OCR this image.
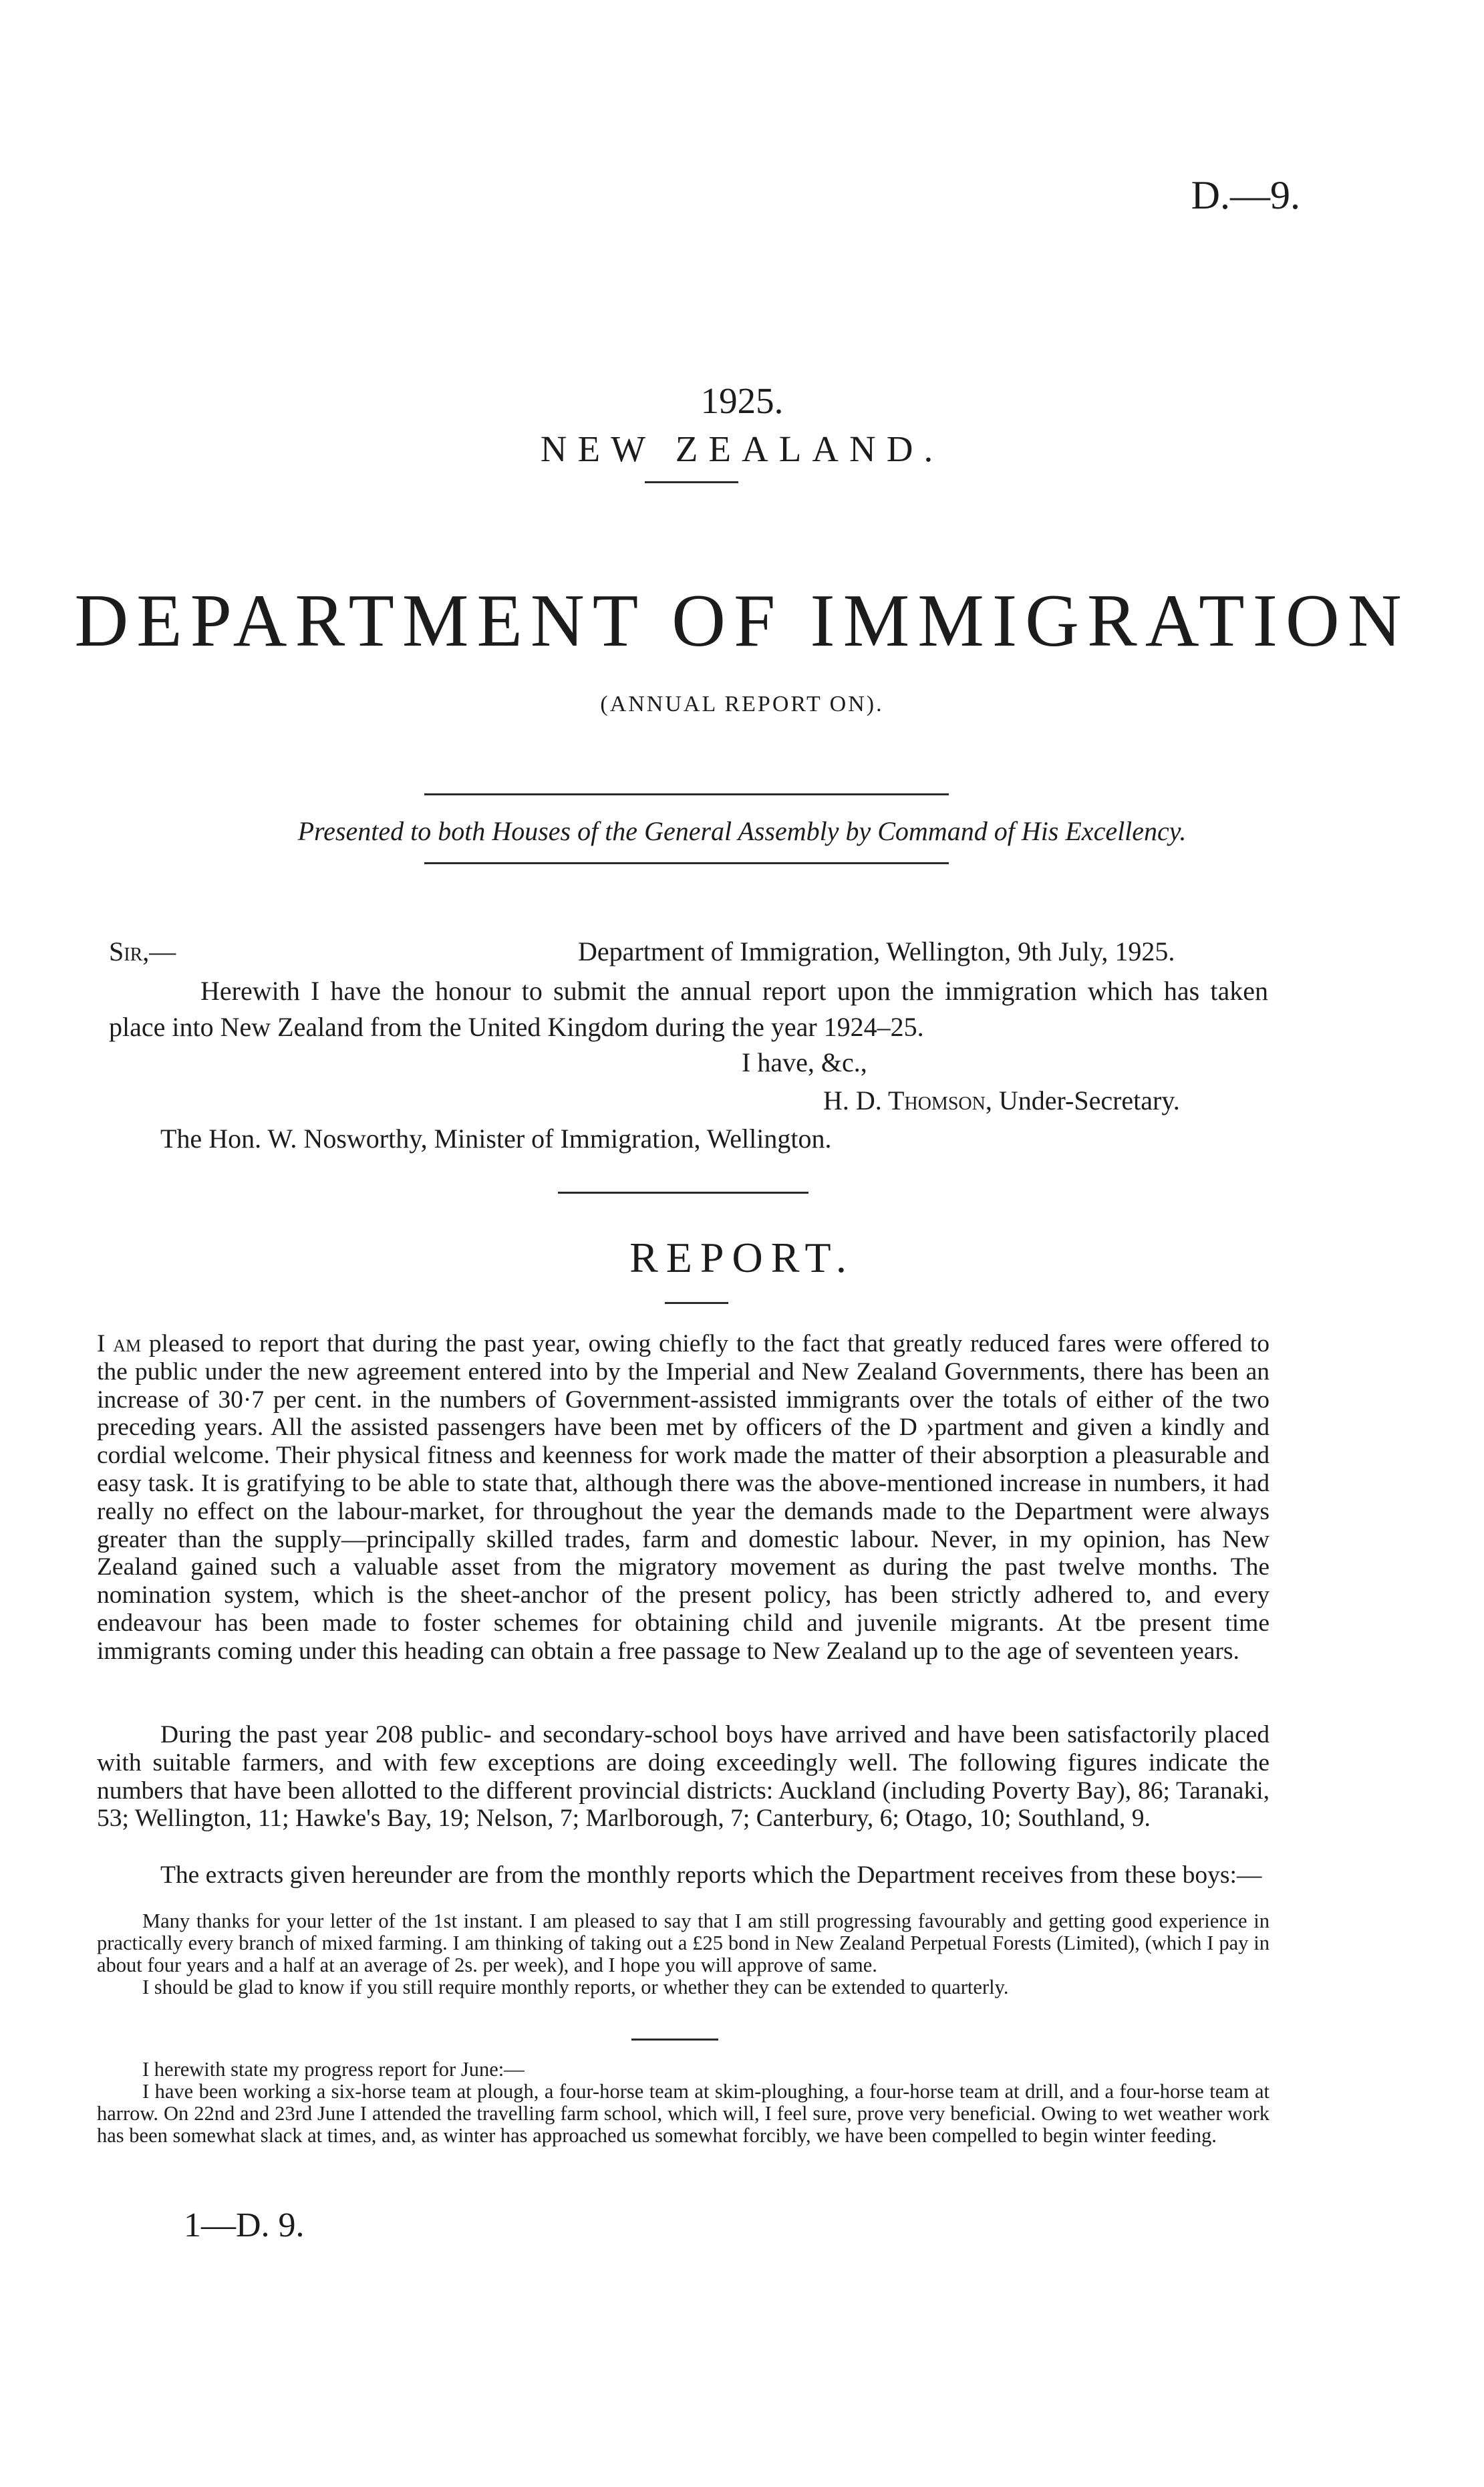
D.—9.
1925.
NEW ZEALAND.
DEPARTMENT OF IMMIGRATION
(ANNUAL REPORT ON).
Presented to both Houses of the General Assembly by Command of His Excellency.
Sir,—	Department of Immigration, Wellington, 9th July, 1925.
Herewith I have the honour to submit the annual report upon the immigration which has taken place into New Zealand from the United Kingdom during the year 1924–25.
I have, &c.,
H. D. Thomson, Under-Secretary.
The Hon. W. Nosworthy, Minister of Immigration, Wellington.
REPORT.

I am pleased to report that during the past year, owing chiefly to the fact that greatly reduced fares were offered to the public under the new agreement entered into by the Imperial and New Zealand Governments, there has been an increase of 30·7 per cent. in the numbers of Government-assisted immigrants over the totals of either of the two preceding years. All the assisted passengers have been met by officers of the D ›partment and given a kindly and cordial welcome. Their physical fitness and keenness for work made the matter of their absorption a pleasurable and easy task. It is gratifying to be able to state that, although there was the above-mentioned increase in numbers, it had really no effect on the labour-market, for throughout the year the demands made to the Department were always greater than the supply—principally skilled trades, farm and domestic labour. Never, in my opinion, has New Zealand gained such a valuable asset from the migratory movement as during the past twelve months. The nomination system, which is the sheet-anchor of the present policy, has been strictly adhered to, and every endeavour has been made to foster schemes for obtaining child and juvenile migrants. At tbe present time immigrants coming under this heading can obtain a free passage to New Zealand up to the age of seventeen years.

During the past year 208 public- and secondary-school boys have arrived and have been satisfactorily placed with suitable farmers, and with few exceptions are doing exceedingly well. The following figures indicate the numbers that have been allotted to the different provincial districts: Auckland (including Poverty Bay), 86; Taranaki, 53; Wellington, 11; Hawke's Bay, 19; Nelson, 7; Marlborough, 7; Canterbury, 6; Otago, 10; Southland, 9.

The extracts given hereunder are from the monthly reports which the Department receives from these boys:—

Many thanks for your letter of the 1st instant. I am pleased to say that I am still progressing favourably and getting good experience in practically every branch of mixed farming. I am thinking of taking out a £25 bond in New Zealand Perpetual Forests (Limited), (which I pay in about four years and a half at an average of 2s. per week), and I hope you will approve of same.

I should be glad to know if you still require monthly reports, or whether they can be extended to quarterly.

I herewith state my progress report for June:—

I have been working a six-horse team at plough, a four-horse team at skim-ploughing, a four-horse team at drill, and a four-horse team at harrow. On 22nd and 23rd June I attended the travelling farm school, which will, I feel sure, prove very beneficial. Owing to wet weather work has been somewhat slack at times, and, as winter has approached us somewhat forcibly, we have been compelled to begin winter feeding.

1—D. 9.
